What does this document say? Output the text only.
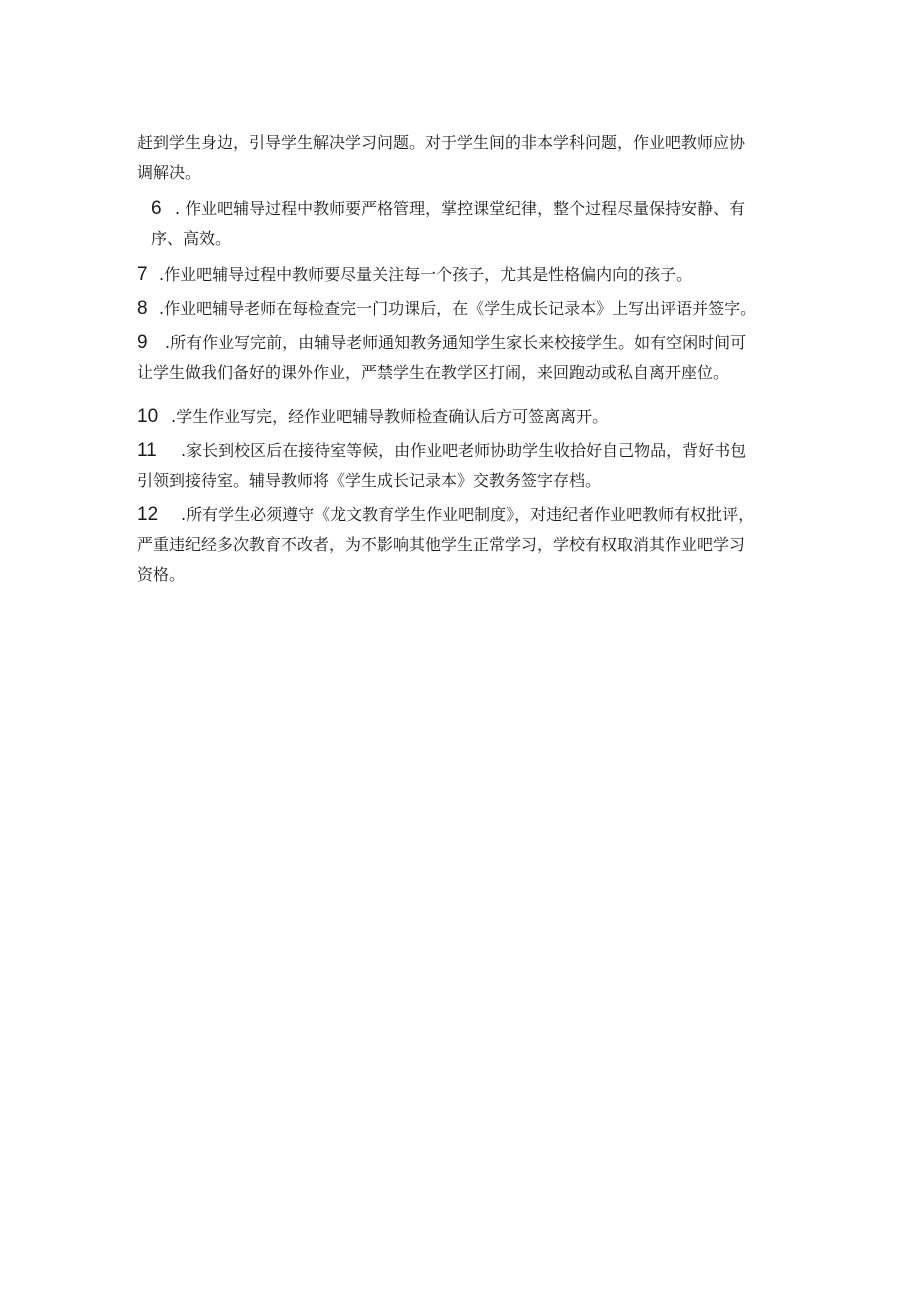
赶到学生身边，引导学生解决学习问题。对于学生间的非本学科问题，作业吧教师应协
调解决。

6 . 作业吧辅导过程中教师要严格管理，掌控课堂纪律，整个过程尽量保持安静、有
序、高效。

7 .作业吧辅导过程中教师要尽量关注每一个孩子，尤其是性格偏内向的孩子。

8 .作业吧辅导老师在每检查完一门功课后，在《学生成长记录本》上写出评语并签字。

9 .所有作业写完前，由辅导老师通知教务通知学生家长来校接学生。如有空闲时间可
让学生做我们备好的课外作业，严禁学生在教学区打闹，来回跑动或私自离开座位。

10 .学生作业写完，经作业吧辅导教师检查确认后方可签离离开。

11 .家长到校区后在接待室等候，由作业吧老师协助学生收拾好自己物品，背好书包
引领到接待室。辅导教师将《学生成长记录本》交教务签字存档。

12 .所有学生必须遵守《龙文教育学生作业吧制度》，对违纪者作业吧教师有权批评，
严重违纪经多次教育不改者，为不影响其他学生正常学习，学校有权取消其作业吧学习
资格。
